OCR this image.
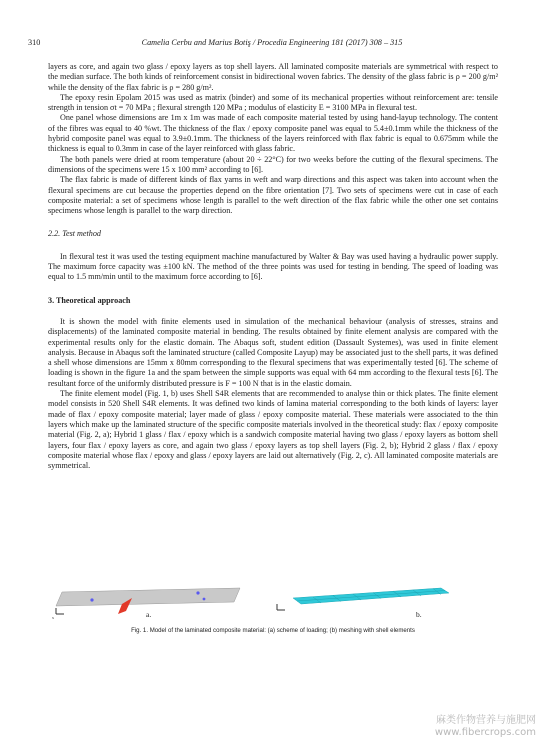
310	Camelia Cerbu and Marius Botiş / Procedia Engineering 181 (2017) 308 – 315

layers as core, and again two glass / epoxy layers as top shell layers. All laminated composite materials are symmetrical with respect to the median surface. The both kinds of reinforcement consist in bidirectional woven fabrics. The density of the glass fabric is ρ = 200 g/m² while the density of the flax fabric is ρ = 280 g/m².

The epoxy resin Epolam 2015 was used as matrix (binder) and some of its mechanical properties without reinforcement are: tensile strength in tension σt = 70 MPa ; flexural strength 120 MPa ; modulus of elasticity E = 3100 MPa in flexural test.

One panel whose dimensions are 1m x 1m was made of each composite material tested by using hand-layup technology. The content of the fibres was equal to 40 %wt. The thickness of the flax / epoxy composite panel was equal to 5.4±0.1mm while the thickness of the hybrid composite panel was equal to 3.9±0.1mm. The thickness of the layers reinforced with flax fabric is equal to 0.675mm while the thickness is equal to 0.3mm in case of the layer reinforced with glass fabric.

The both panels were dried at room temperature (about 20 ÷ 22°C) for two weeks before the cutting of the flexural specimens. The dimensions of the specimens were 15 x 100 mm² according to [6].

The flax fabric is made of different kinds of flax yarns in weft and warp directions and this aspect was taken into account when the flexural specimens are cut because the properties depend on the fibre orientation [7]. Two sets of specimens were cut in case of each composite material: a set of specimens whose length is parallel to the weft direction of the flax fabric while the other one set contains specimens whose length is parallel to the warp direction.

2.2. Test method

In flexural test it was used the testing equipment machine manufactured by Walter & Bay was used having a hydraulic power supply. The maximum force capacity was ±100 kN. The method of the three points was used for testing in bending. The speed of loading was equal to 1.5 mm/min until to the maximum force according to [6].

3. Theoretical approach

It is shown the model with finite elements used in simulation of the mechanical behaviour (analysis of stresses, strains and displacements) of the laminated composite material in bending. The results obtained by finite element analysis are compared with the experimental results only for the elastic domain. The Abaqus soft, student edition (Dassault Systemes), was used in finite element analysis. Because in Abaqus soft the laminated structure (called Composite Layup) may be associated just to the shell parts, it was defined a shell whose dimensions are 15mm x 80mm corresponding to the flexural specimens that was experimentally tested [6]. The scheme of loading is shown in the figure 1a and the spam between the simple supports was equal with 64 mm according to the flexural tests [6]. The resultant force of the uniformly distributed pressure is F = 100 N that is in the elastic domain.

The finite element model (Fig. 1, b) uses Shell S4R elements that are recommended to analyse thin or thick plates. The finite element model consists in 520 Shell S4R elements. It was defined two kinds of lamina material corresponding to the both kinds of layers: layer made of flax / epoxy composite material; layer made of glass / epoxy composite material. These materials were associated to the thin layers which make up the laminated structure of the specific composite materials involved in the theoretical study: flax / epoxy composite material (Fig. 2, a); Hybrid 1 glass / flax / epoxy which is a sandwich composite material having two glass / epoxy layers as bottom shell layers, four flax / epoxy layers as core, and again two glass / epoxy layers as top shell layers (Fig. 2, b); Hybrid 2 glass / flax / epoxy composite material whose flax / epoxy and glass / epoxy layers are laid out alternatively (Fig. 2, c). All laminated composite materials are symmetrical.

x	a.	b.
Fig. 1. Model of the laminated composite material: (a) scheme of loading; (b) meshing with shell elements
麻类作物营养与施肥网
www.fibercrops.com
